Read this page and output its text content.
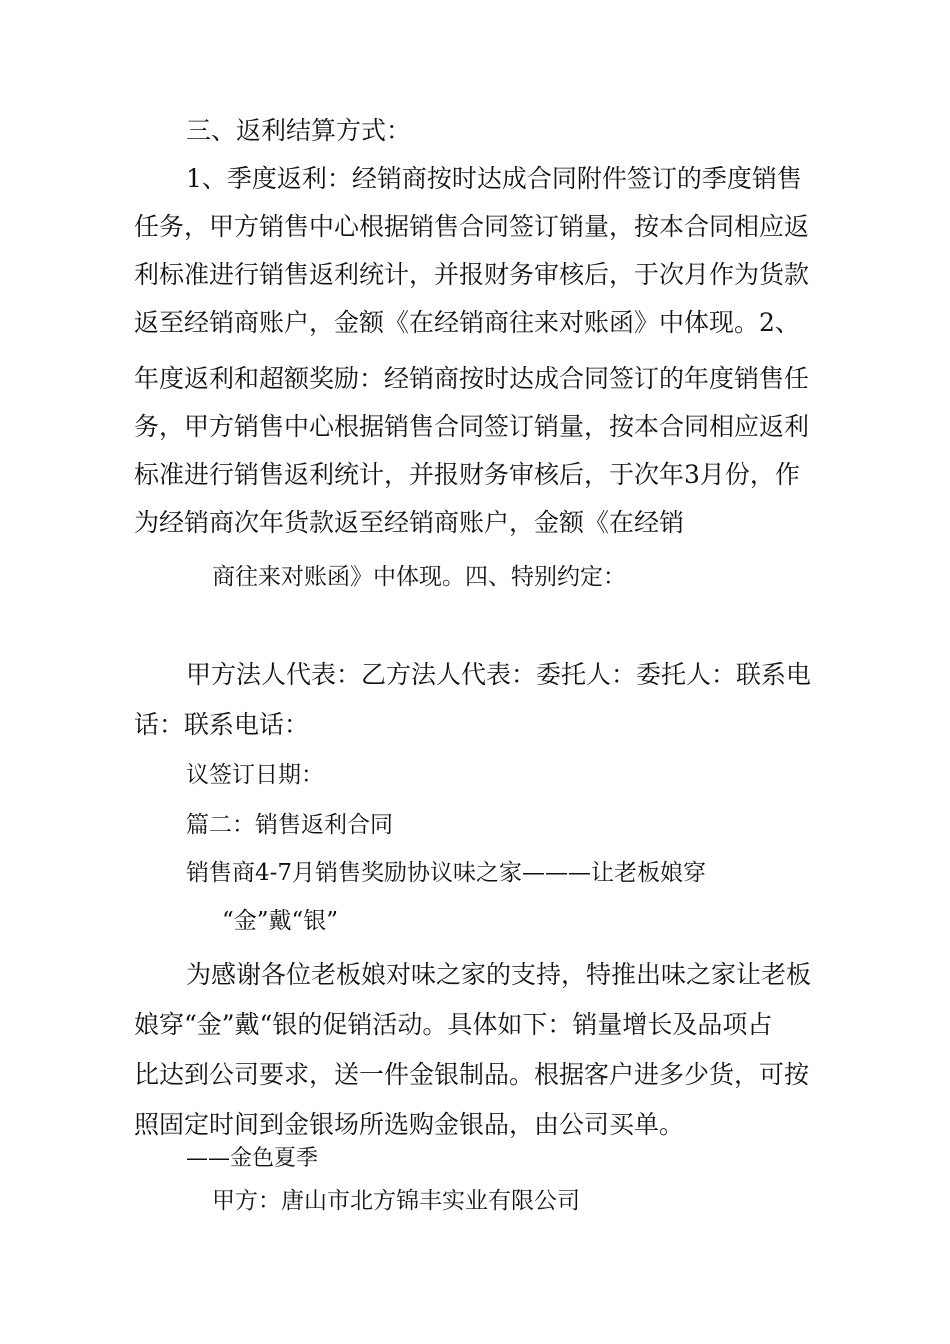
三、返利结算方式：
1、季度返利：经销商按时达成合同附件签订的季度销售
任务，甲方销售中心根据销售合同签订销量，按本合同相应返
利标准进行销售返利统计，并报财务审核后，于次月作为货款
返至经销商账户，金额《在经销商往来对账函》中体现。2、
年度返利和超额奖励：经销商按时达成合同签订的年度销售任
务，甲方销售中心根据销售合同签订销量，按本合同相应返利
标准进行销售返利统计，并报财务审核后，于次年3月份，作
为经销商次年货款返至经销商账户，金额《在经销
商往来对账函》中体现。四、特别约定：
甲方法人代表：乙方法人代表：委托人：委托人：联系电
话：联系电话：
议签订日期：
篇二：销售返利合同
销售商4-7月销售奖励协议味之家———让老板娘穿
“金”戴“银”
为感谢各位老板娘对味之家的支持，特推出味之家让老板
娘穿“金”戴“银的促销活动。具体如下：销量增长及品项占
比达到公司要求，送一件金银制品。根据客户进多少货，可按
照固定时间到金银场所选购金银品，由公司买单。
——金色夏季
甲方：唐山市北方锦丰实业有限公司
